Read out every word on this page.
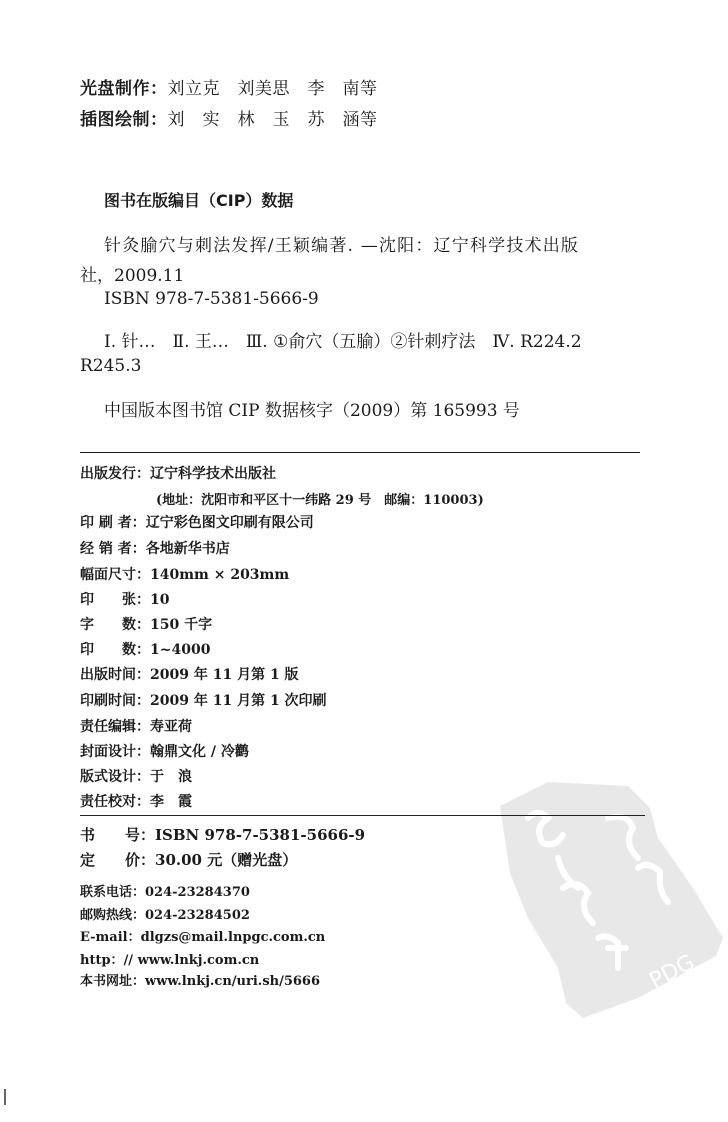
光盘制作：刘立克　刘美思　李　南等
插图绘制：刘　实　林　玉　苏　涵等
图书在版编目（CIP）数据
针灸腧穴与刺法发挥/王颖编著. —沈阳：辽宁科学技术出版
社，2009.11
ISBN 978-7-5381-5666-9
Ⅰ. 针…　Ⅱ. 王…　Ⅲ. ①俞穴（五腧）②针刺疗法　Ⅳ. R224.2
R245.3
中国版本图书馆 CIP 数据核字（2009）第 165993 号
出版发行：辽宁科学技术出版社
(地址：沈阳市和平区十一纬路 29 号　邮编：110003)
印 刷 者：辽宁彩色图文印刷有限公司
经 销 者：各地新华书店
幅面尺寸：140mm × 203mm
印　　张：10
字　　数：150 千字
印　　数：1~4000
出版时间：2009 年 11 月第 1 版
印刷时间：2009 年 11 月第 1 次印刷
责任编辑：寿亚荷
封面设计：翰鼎文化 / 冷鹳
版式设计：于　浪
责任校对：李　霞
PDG
书　　号：ISBN 978-7-5381-5666-9
定　　价：30.00 元（赠光盘）
联系电话：024-23284370
邮购热线：024-23284502
E-mail：dlgzs@mail.lnpgc.com.cn
http：// www.lnkj.com.cn
本书网址：www.lnkj.cn/uri.sh/5666
